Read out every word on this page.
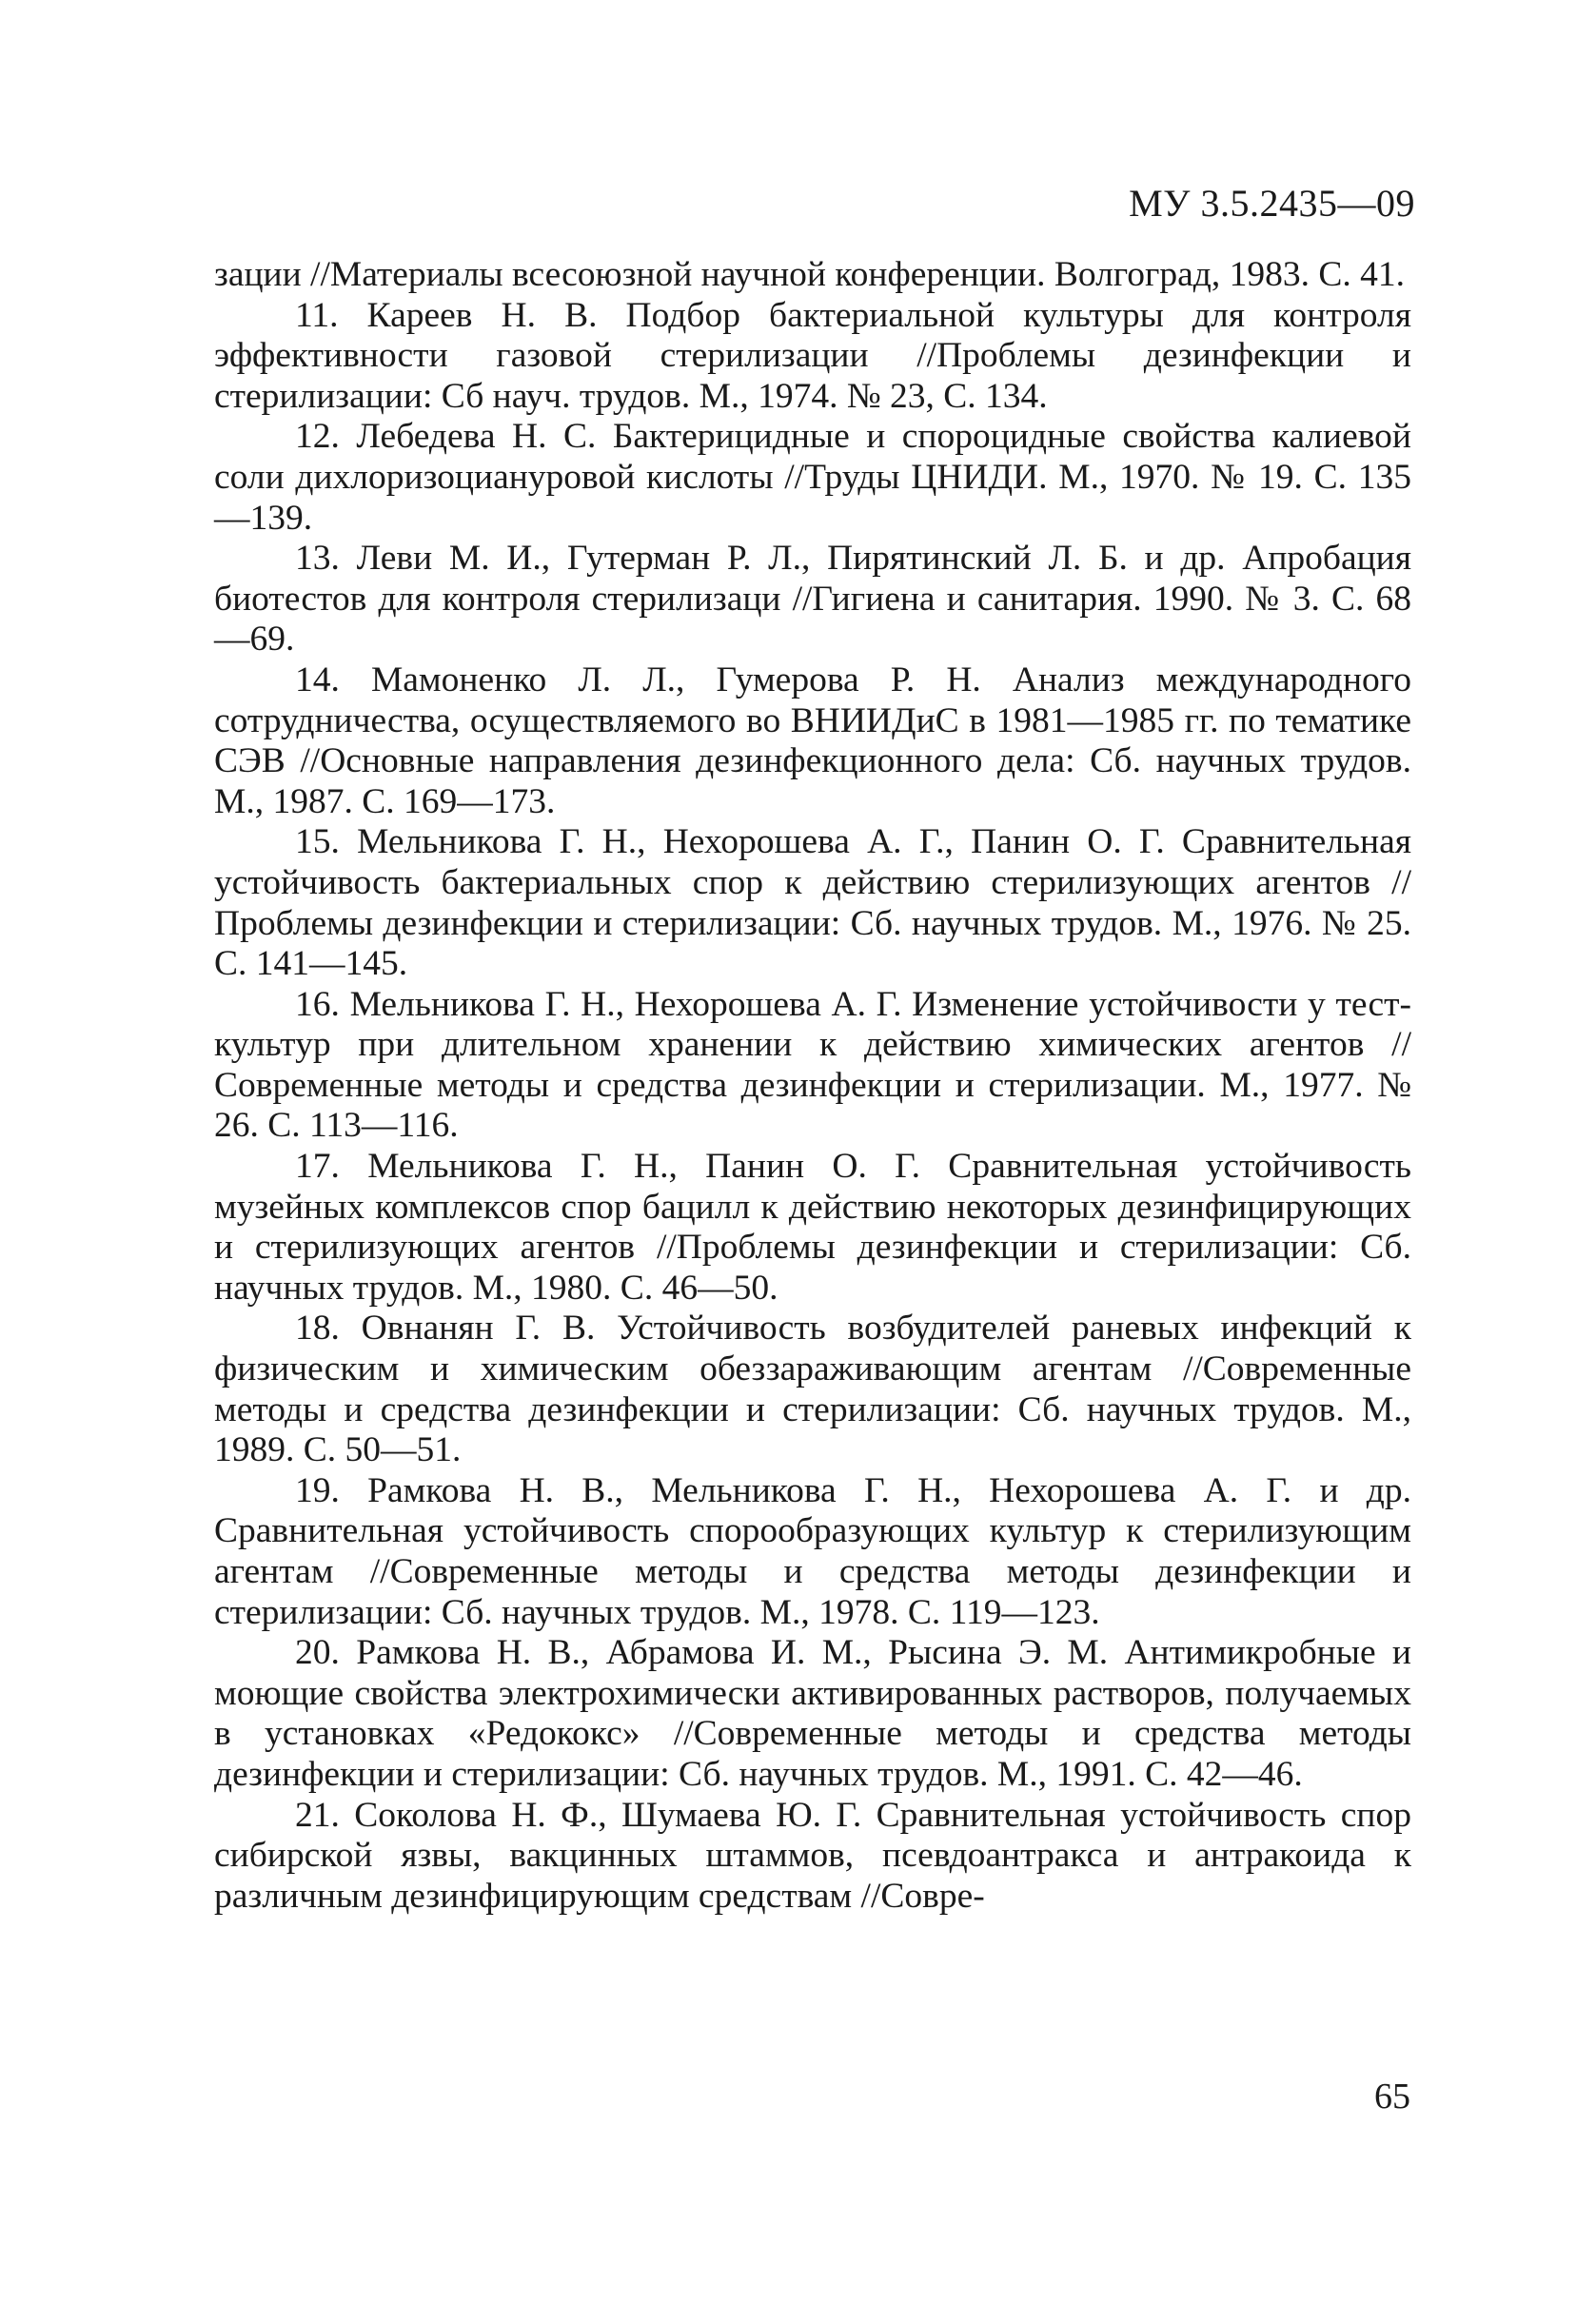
МУ 3.5.2435—09

зации //Материалы всесоюзной научной конференции. Волгоград, 1983. С. 41.

11. Кареев Н. В. Подбор бактериальной культуры для контроля эффективности газовой стерилизации //Проблемы дезинфекции и стерилизации: Сб науч. трудов. М., 1974. № 23, С. 134.

12. Лебедева Н. С. Бактерицидные и спороцидные свойства калиевой соли дихлоризоциануровой кислоты //Труды ЦНИДИ. М., 1970. № 19. С. 135—139.

13. Леви М. И., Гутерман Р. Л., Пирятинский Л. Б. и др. Апробация биотестов для контроля стерилизаци //Гигиена и санитария. 1990. № 3. С. 68—69.

14. Мамоненко Л. Л., Гумерова Р. Н. Анализ международного сотрудничества, осуществляемого во ВНИИДиС в 1981—1985 гг. по тематике СЭВ //Основные направления дезинфекционного дела: Сб. научных трудов. М., 1987. С. 169—173.

15. Мельникова Г. Н., Нехорошева А. Г., Панин О. Г. Сравнительная устойчивость бактериальных спор к действию стерилизующих агентов //Проблемы дезинфекции и стерилизации: Сб. научных трудов. М., 1976. № 25. С. 141—145.

16. Мельникова Г. Н., Нехорошева А. Г. Изменение устойчивости у тест-культур при длительном хранении к действию химических агентов //Современные методы и средства дезинфекции и стерилизации. М., 1977. № 26. С. 113—116.

17. Мельникова Г. Н., Панин О. Г. Сравнительная устойчивость музейных комплексов спор бацилл к действию некоторых дезинфицирующих и стерилизующих агентов //Проблемы дезинфекции и стерилизации: Сб. научных трудов. М., 1980. С. 46—50.

18. Овнанян Г. В. Устойчивость возбудителей раневых инфекций к физическим и химическим обеззараживающим агентам //Современные методы и средства дезинфекции и стерилизации: Сб. научных трудов. М., 1989. С. 50—51.

19. Рамкова Н. В., Мельникова Г. Н., Нехорошева А. Г. и др. Сравнительная устойчивость спорообразующих культур к стерилизующим агентам //Современные методы и средства методы дезинфекции и стерилизации: Сб. научных трудов. М., 1978. С. 119—123.

20. Рамкова Н. В., Абрамова И. М., Рысина Э. М. Антимикробные и моющие свойства электрохимически активированных растворов, получаемых в установках «Редококс» //Современные методы и средства методы дезинфекции и стерилизации: Сб. научных трудов. М., 1991. С. 42—46.

21. Соколова Н. Ф., Шумаева Ю. Г. Сравнительная устойчивость спор сибирской язвы, вакцинных штаммов, псевдоантракса и антракоида к различным дезинфицирующим средствам //Совре-

65
